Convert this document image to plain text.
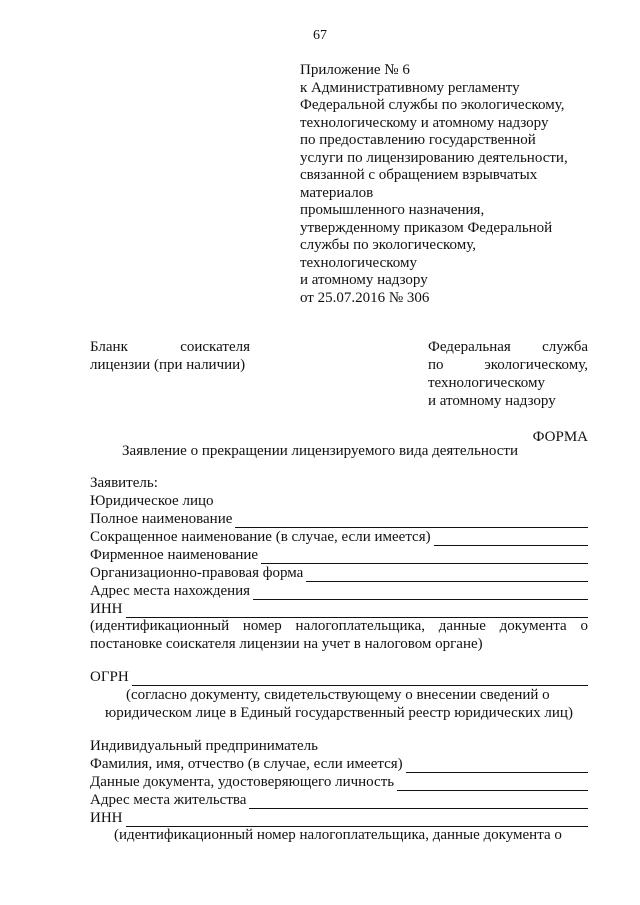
67
Приложение № 6
к Административному регламенту
Федеральной службы по экологическому,
технологическому и атомному надзору
по предоставлению государственной
услуги по лицензированию деятельности,
связанной с обращением взрывчатых
материалов
промышленного назначения,
утвержденному приказом Федеральной
службы по экологическому,
технологическому
и атомному надзору
от 25.07.2016 № 306
Бланк	соискателя
лицензии (при наличии)
Федеральная служба
по	экологическому,
технологическому
и атомному надзору
ФОРМА
Заявление о прекращении лицензируемого вида деятельности
Заявитель:
Юридическое лицо
Полное наименование
Сокращенное наименование (в случае, если имеется)
Фирменное наименование
Организационно-правовая форма
Адрес места нахождения
ИНН
(идентификационный номер налогоплательщика, данные документа о
постановке соискателя лицензии на учет в налоговом органе)
ОГРН
(согласно документу, свидетельствующему о внесении сведений о
юридическом лице в Единый государственный реестр юридических лиц)
Индивидуальный предприниматель
Фамилия, имя, отчество (в случае, если имеется)
Данные документа, удостоверяющего личность
Адрес места жительства
ИНН
(идентификационный номер налогоплательщика, данные документа о
